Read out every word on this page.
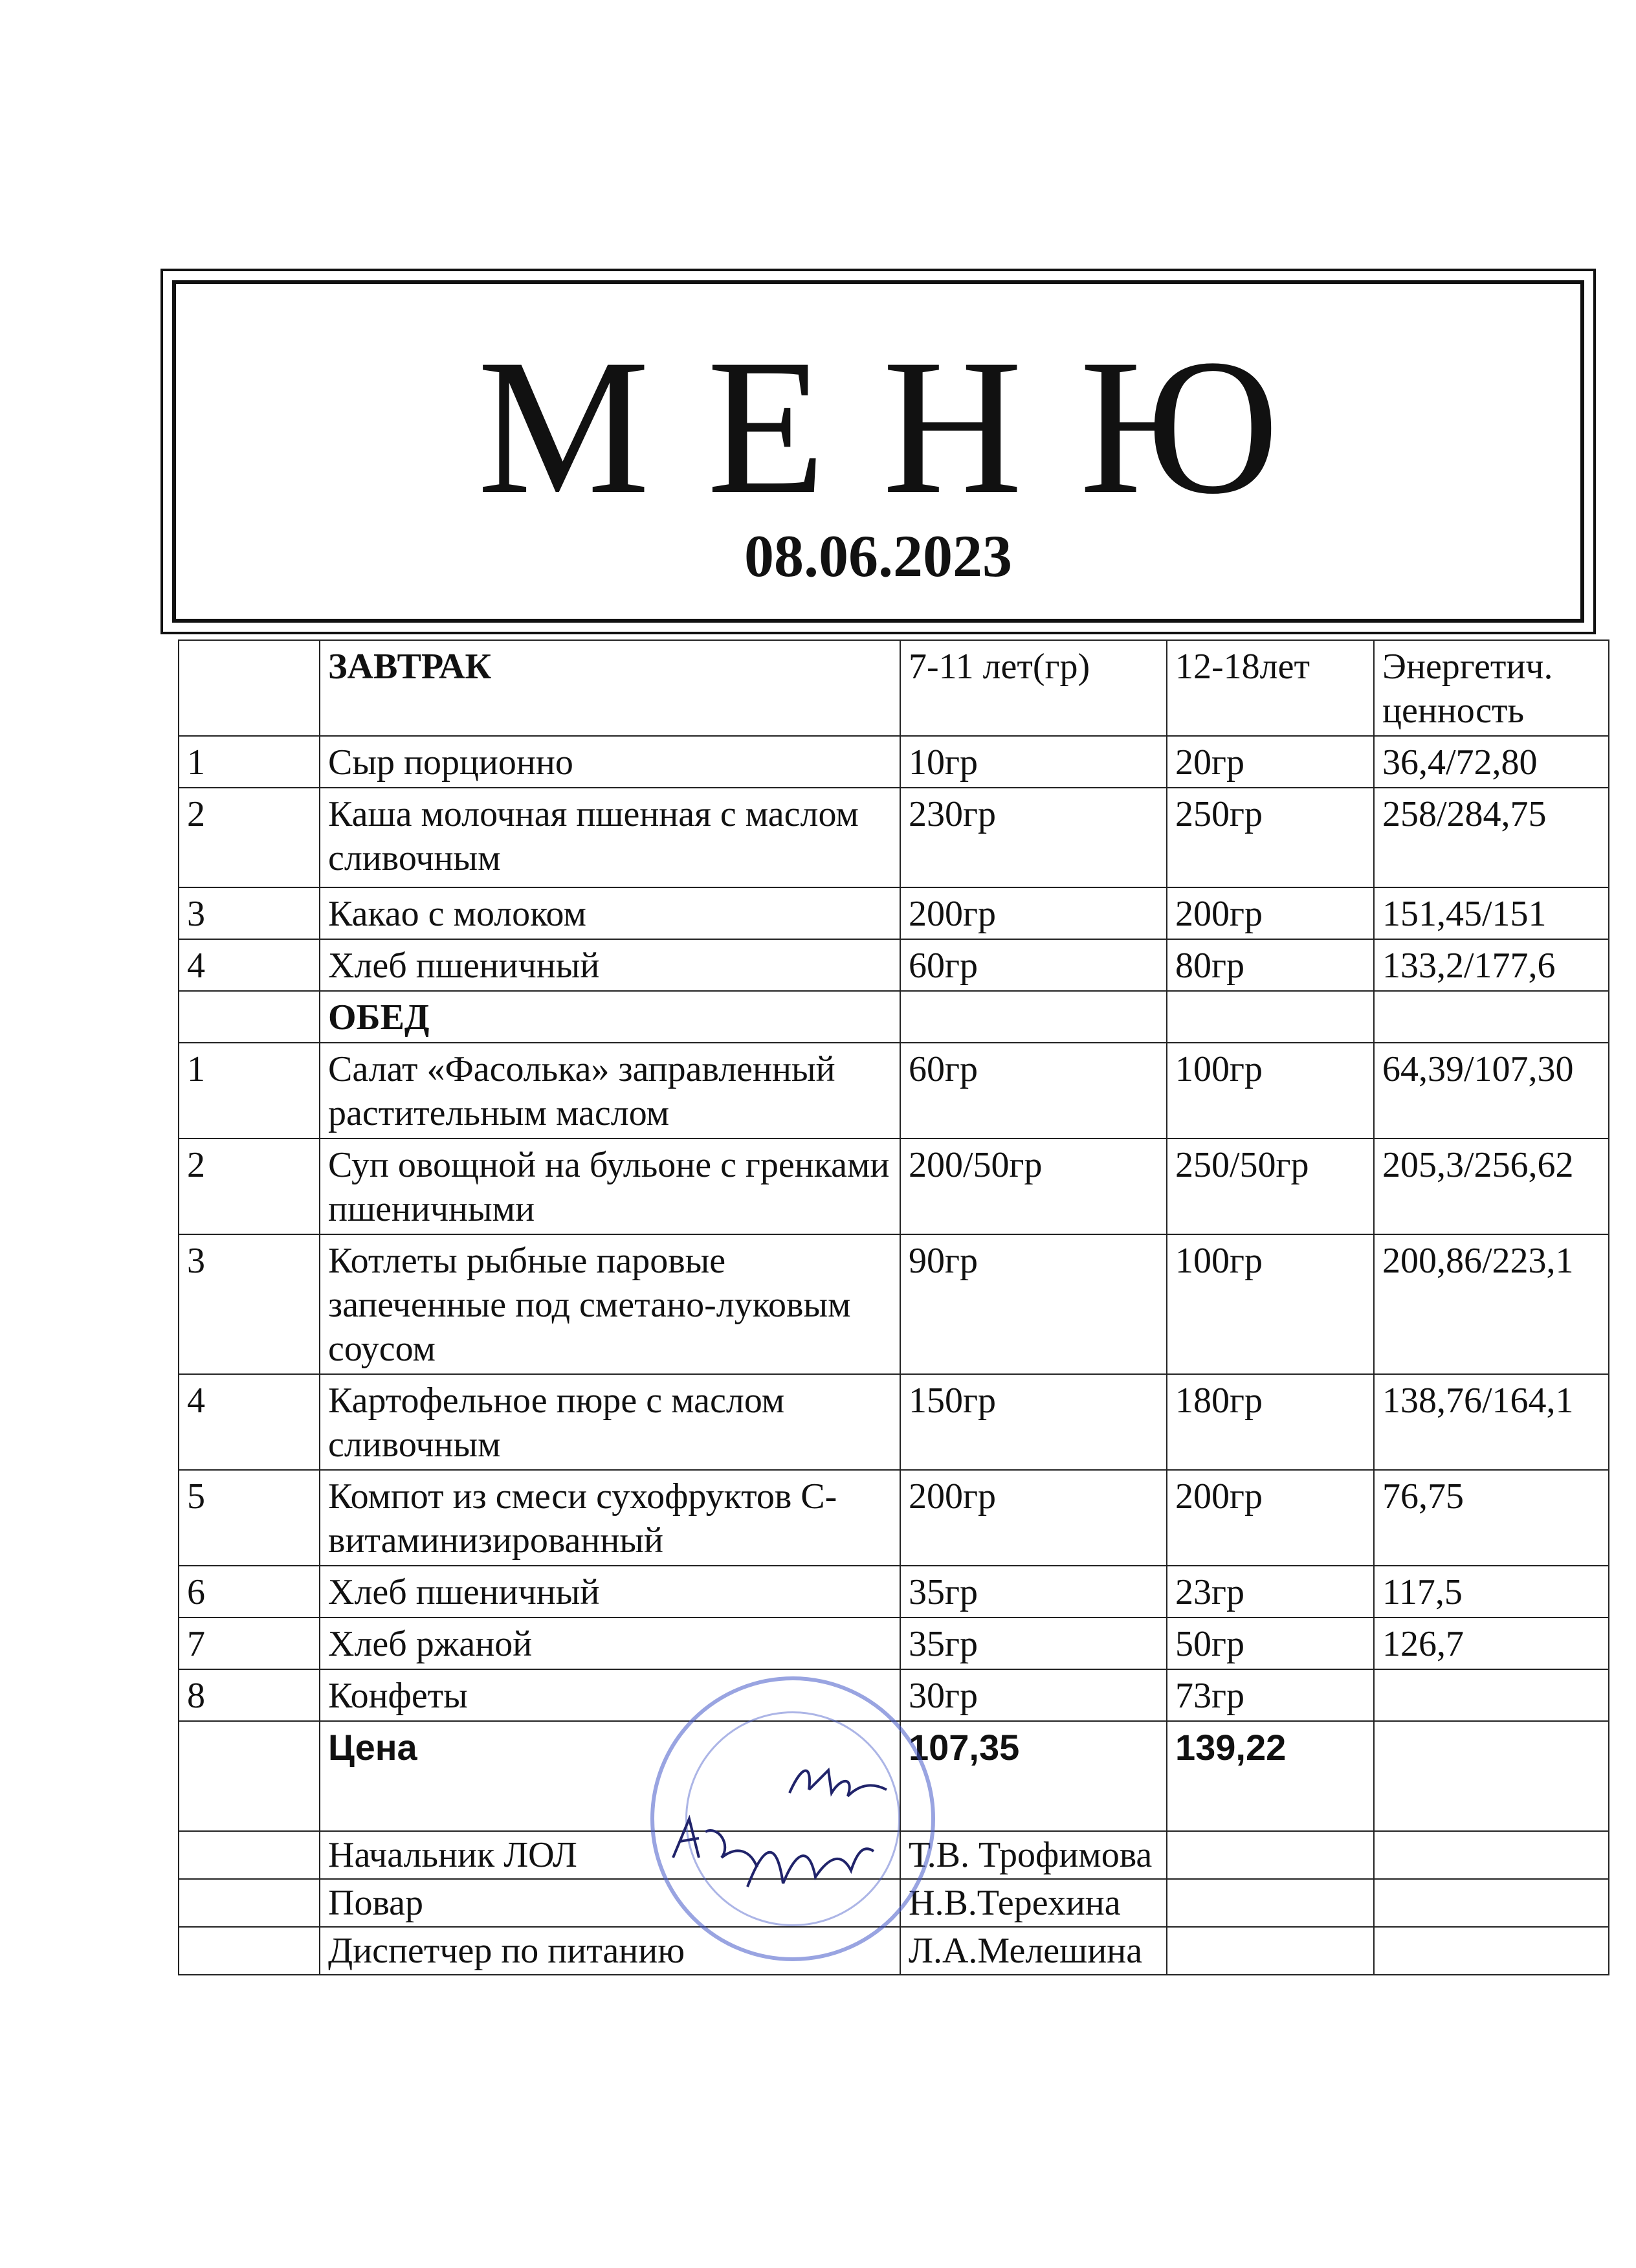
М Е Н Ю
08.06.2023
	ЗАВТРАК	7-11 лет(гр)	12-18лет	Энергетич. ценность
1	Сыр порционно	10гр	20гр	36,4/72,80
2	Каша молочная пшенная с маслом сливочным	230гр	250гр	258/284,75
3	Какао с молоком	200гр	200гр	151,45/151
4	Хлеб пшеничный	60гр	80гр	133,2/177,6
	ОБЕД			
1	Салат «Фасолька» заправленный растительным маслом	60гр	100гр	64,39/107,30
2	Суп овощной на бульоне с гренками пшеничными	200/50гр	250/50гр	205,3/256,62
3	Котлеты рыбные паровые запеченные под сметано-луковым соусом	90гр	100гр	200,86/223,1
4	Картофельное пюре с маслом сливочным	150гр	180гр	138,76/164,1
5	Компот из смеси сухофруктов С-витаминизированный	200гр	200гр	76,75
6	Хлеб пшеничный	35гр	23гр	117,5
7	Хлеб ржаной	35гр	50гр	126,7
8	Конфеты	30гр	73гр	
	Цена	107,35	139,22	
	Начальник ЛОЛ	Т.В. Трофимова		
	Повар	Н.В.Терехина		
	Диспетчер по питанию	Л.А.Мелешина		
